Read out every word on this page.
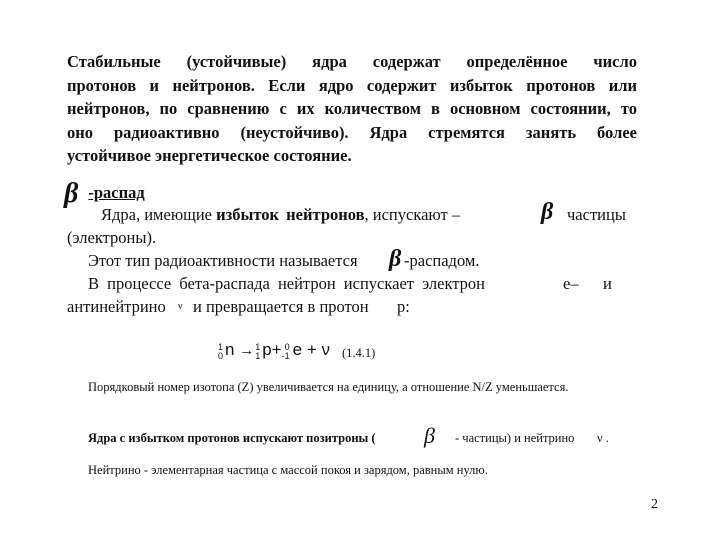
Стабильные (устойчивые) ядра содержат определённое число
протонов и нейтронов. Если ядро содержит избыток протонов или
нейтронов, по сравнению с их количеством в основном состоянии, то
оно радиоактивно (неустойчиво). Ядра стремятся занять более
устойчивое энергетическое состояние.
β -распад
Ядра, имеющие избыток нейтронов, испускают –	β частицы
(электроны).
Этот тип радиоактивности называется β -распадом.
В процессе бета-распада нейтрон испускает электрон	e– и
антинейтрино ν и превращается в протон p:
1
0 n → 1
1 p+ 0
-1 e + ν (1.4.1)
Порядковый номер изотопа (Z) увеличивается на единицу, а отношение N/Z уменьшается.
Ядра с избытком протонов испускают позитроны ( β - частицы) и нейтрино ν .
Нейтрино - элементарная частица с массой покоя и зарядом, равным нулю.
2
